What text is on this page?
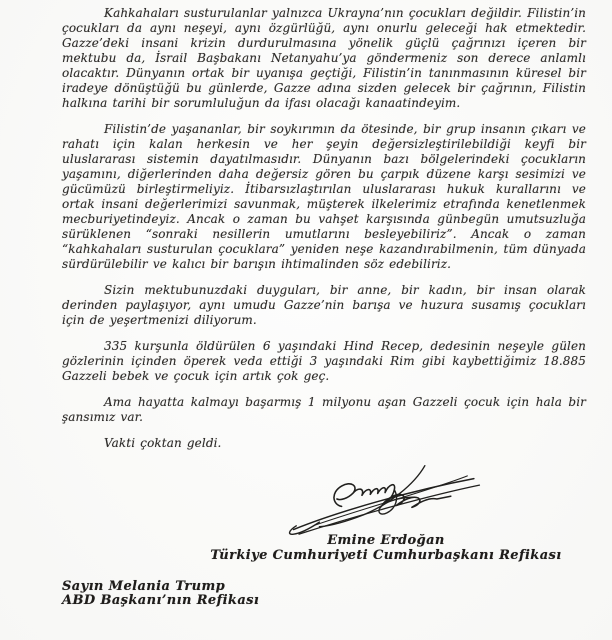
Kahkahaları susturulanlar yalnızca Ukrayna’nın çocukları değildir. Filistin’in çocukları da aynı neşeyi, aynı özgürlüğü, aynı onurlu geleceği hak etmektedir. Gazze’deki insani krizin durdurulmasına yönelik güçlü çağrınızı içeren bir mektubu da, İsrail Başbakanı Netanyahu’ya göndermeniz son derece anlamlı olacaktır. Dünyanın ortak bir uyanışa geçtiği, Filistin’in tanınmasının küresel bir iradeye dönüştüğü bu günlerde, Gazze adına sizden gelecek bir çağrının, Filistin halkına tarihi bir sorumluluğun da ifası olacağı kanaatindeyim.

Filistin’de yaşananlar, bir soykırımın da ötesinde, bir grup insanın çıkarı ve rahatı için kalan herkesin ve her şeyin değersizleştirilebildiği keyfi bir uluslararası sistemin dayatılmasıdır. Dünyanın bazı bölgelerindeki çocukların yaşamını, diğerlerinden daha değersiz gören bu çarpık düzene karşı sesimizi ve gücümüzü birleştirmeliyiz. İtibarsızlaştırılan uluslararası hukuk kurallarını ve ortak insani değerlerimizi savunmak, müşterek ilkelerimiz etrafında kenetlenmek mecburiyetindeyiz. Ancak o zaman bu vahşet karşısında günbegün umutsuzluğa sürüklenen “sonraki nesillerin umutlarını besleyebiliriz”. Ancak o zaman “kahkahaları susturulan çocuklara” yeniden neşe kazandırabilmenin, tüm dünyada sürdürülebilir ve kalıcı bir barışın ihtimalinden söz edebiliriz.

Sizin mektubunuzdaki duyguları, bir anne, bir kadın, bir insan olarak derinden paylaşıyor, aynı umudu Gazze’nin barışa ve huzura susamış çocukları için de yeşertmenizi diliyorum.

335 kurşunla öldürülen 6 yaşındaki Hind Recep, dedesinin neşeyle gülen gözlerinin içinden öperek veda ettiği 3 yaşındaki Rim gibi kaybettiğimiz 18.885 Gazzeli bebek ve çocuk için artık çok geç.

Ama hayatta kalmayı başarmış 1 milyonu aşan Gazzeli çocuk için hala bir şansımız var.

Vakti çoktan geldi.

Emine Erdoğan
Türkiye Cumhuriyeti Cumhurbaşkanı Refikası
Sayın Melania Trump
ABD Başkanı’nın Refikası
